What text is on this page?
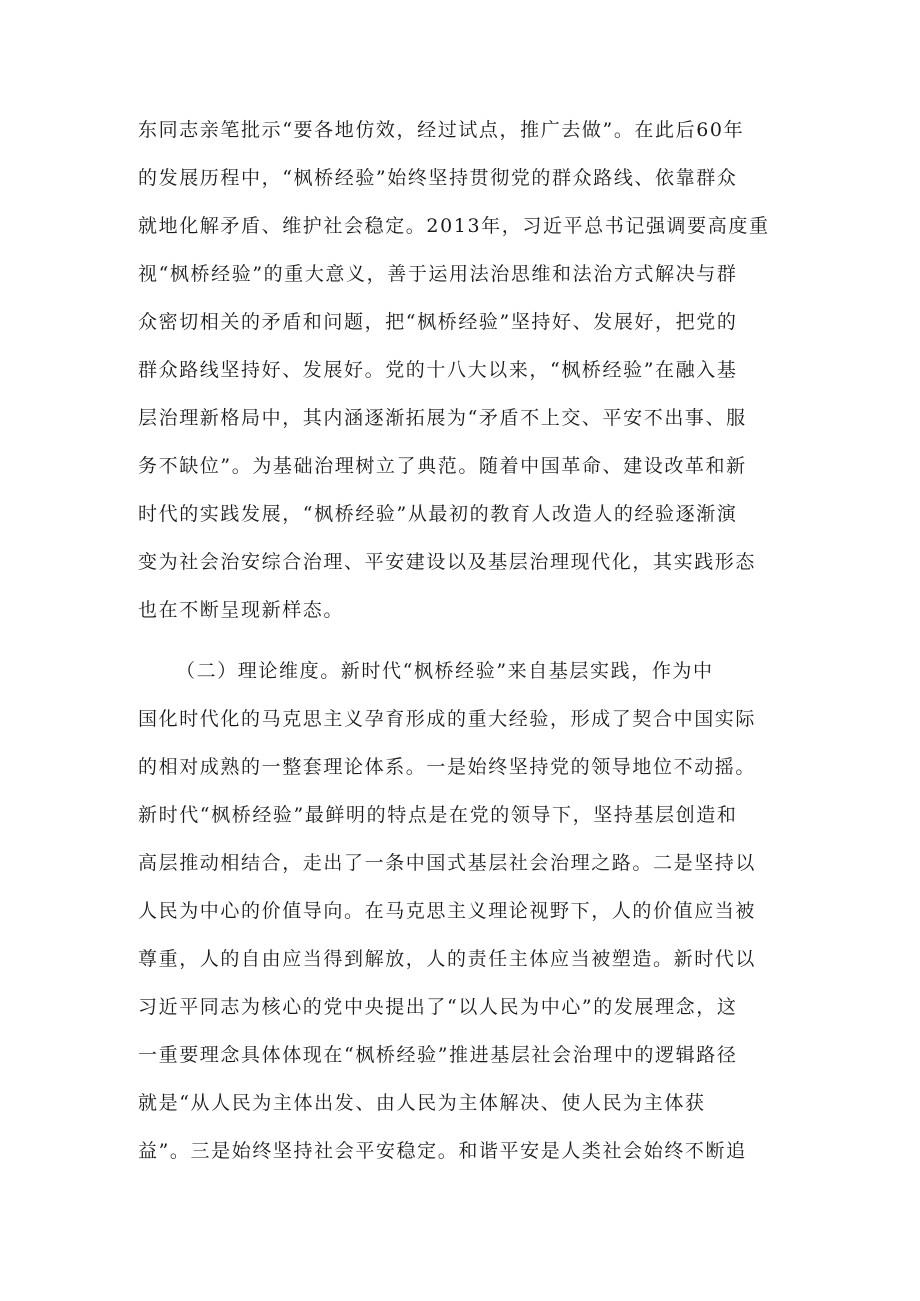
东同志亲笔批示“要各地仿效，经过试点，推广去做”。在此后60年
的发展历程中，“枫桥经验”始终坚持贯彻党的群众路线、依靠群众
就地化解矛盾、维护社会稳定。2013年，习近平总书记强调要高度重
视“枫桥经验”的重大意义，善于运用法治思维和法治方式解决与群
众密切相关的矛盾和问题，把“枫桥经验”坚持好、发展好，把党的
群众路线坚持好、发展好。党的十八大以来，“枫桥经验”在融入基
层治理新格局中，其内涵逐渐拓展为“矛盾不上交、平安不出事、服
务不缺位”。为基础治理树立了典范。随着中国革命、建设改革和新
时代的实践发展，“枫桥经验”从最初的教育人改造人的经验逐渐演
变为社会治安综合治理、平安建设以及基层治理现代化，其实践形态
也在不断呈现新样态。
（二）理论维度。新时代“枫桥经验”来自基层实践，作为中
国化时代化的马克思主义孕育形成的重大经验，形成了契合中国实际
的相对成熟的一整套理论体系。一是始终坚持党的领导地位不动摇。
新时代“枫桥经验”最鲜明的特点是在党的领导下，坚持基层创造和
高层推动相结合，走出了一条中国式基层社会治理之路。二是坚持以
人民为中心的价值导向。在马克思主义理论视野下，人的价值应当被
尊重，人的自由应当得到解放，人的责任主体应当被塑造。新时代以
习近平同志为核心的党中央提出了“以人民为中心”的发展理念，这
一重要理念具体体现在“枫桥经验”推进基层社会治理中的逻辑路径
就是“从人民为主体出发、由人民为主体解决、使人民为主体获
益”。三是始终坚持社会平安稳定。和谐平安是人类社会始终不断追
